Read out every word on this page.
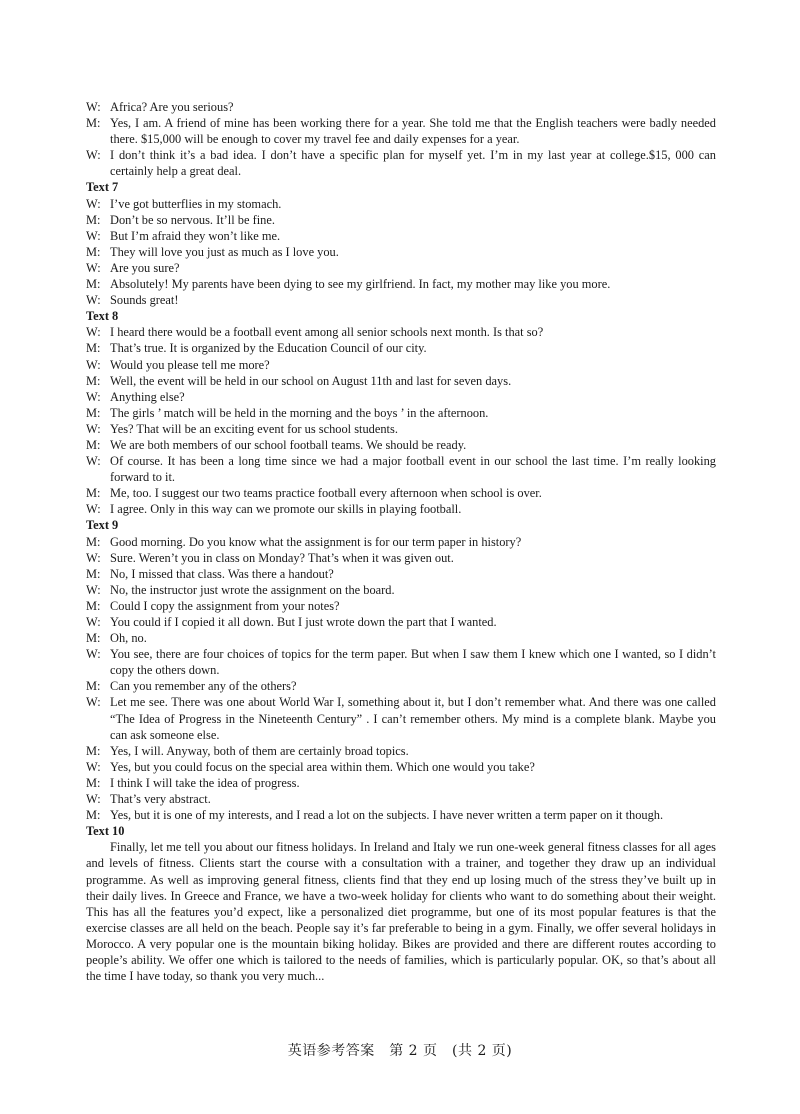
W: Africa? Are you serious?
M: Yes, I am. A friend of mine has been working there for a year. She told me that the English teachers were badly needed there. $15,000 will be enough to cover my travel fee and daily expenses for a year.
W: I don’t think it’s a bad idea. I don’t have a specific plan for myself yet. I’m in my last year at college.$15, 000 can certainly help a great deal.
Text 7
W: I’ve got butterflies in my stomach.
M: Don’t be so nervous. It’ll be fine.
W: But I’m afraid they won’t like me.
M: They will love you just as much as I love you.
W: Are you sure?
M: Absolutely! My parents have been dying to see my girlfriend. In fact, my mother may like you more.
W: Sounds great!
Text 8
W: I heard there would be a football event among all senior schools next month. Is that so?
M: That’s true. It is organized by the Education Council of our city.
W: Would you please tell me more?
M: Well, the event will be held in our school on August 11th and last for seven days.
W: Anything else?
M: The girls ’ match will be held in the morning and the boys ’ in the afternoon.
W: Yes? That will be an exciting event for us school students.
M: We are both members of our school football teams. We should be ready.
W: Of course. It has been a long time since we had a major football event in our school the last time. I’m really looking forward to it.
M: Me, too. I suggest our two teams practice football every afternoon when school is over.
W: I agree. Only in this way can we promote our skills in playing football.
Text 9
M: Good morning. Do you know what the assignment is for our term paper in history?
W: Sure. Weren’t you in class on Monday? That’s when it was given out.
M: No, I missed that class. Was there a handout?
W: No, the instructor just wrote the assignment on the board.
M: Could I copy the assignment from your notes?
W: You could if I copied it all down. But I just wrote down the part that I wanted.
M: Oh, no.
W: You see, there are four choices of topics for the term paper. But when I saw them I knew which one I wanted, so I didn’t copy the others down.
M: Can you remember any of the others?
W: Let me see. There was one about World War I, something about it, but I don’t remember what. And there was one called “The Idea of Progress in the Nineteenth Century” . I can’t remember others. My mind is a complete blank. Maybe you can ask someone else.
M: Yes, I will. Anyway, both of them are certainly broad topics.
W: Yes, but you could focus on the special area within them. Which one would you take?
M: I think I will take the idea of progress.
W: That’s very abstract.
M: Yes, but it is one of my interests, and I read a lot on the subjects. I have never written a term paper on it though.
Text 10
Finally, let me tell you about our fitness holidays. In Ireland and Italy we run one-week general fitness classes for all ages and levels of fitness. Clients start the course with a consultation with a trainer, and together they draw up an individual programme. As well as improving general fitness, clients find that they end up losing much of the stress they’ve built up in their daily lives. In Greece and France, we have a two-week holiday for clients who want to do something about their weight. This has all the features you’d expect, like a personalized diet programme, but one of its most popular features is that the exercise classes are all held on the beach. People say it’s far preferable to being in a gym. Finally, we offer several holidays in Morocco. A very popular one is the mountain biking holiday. Bikes are provided and there are different routes according to people’s ability. We offer one which is tailored to the needs of families, which is particularly popular. OK, so that’s about all the time I have today, so thank you very much...
英语参考答案　第 2 页　(共 2 页)
